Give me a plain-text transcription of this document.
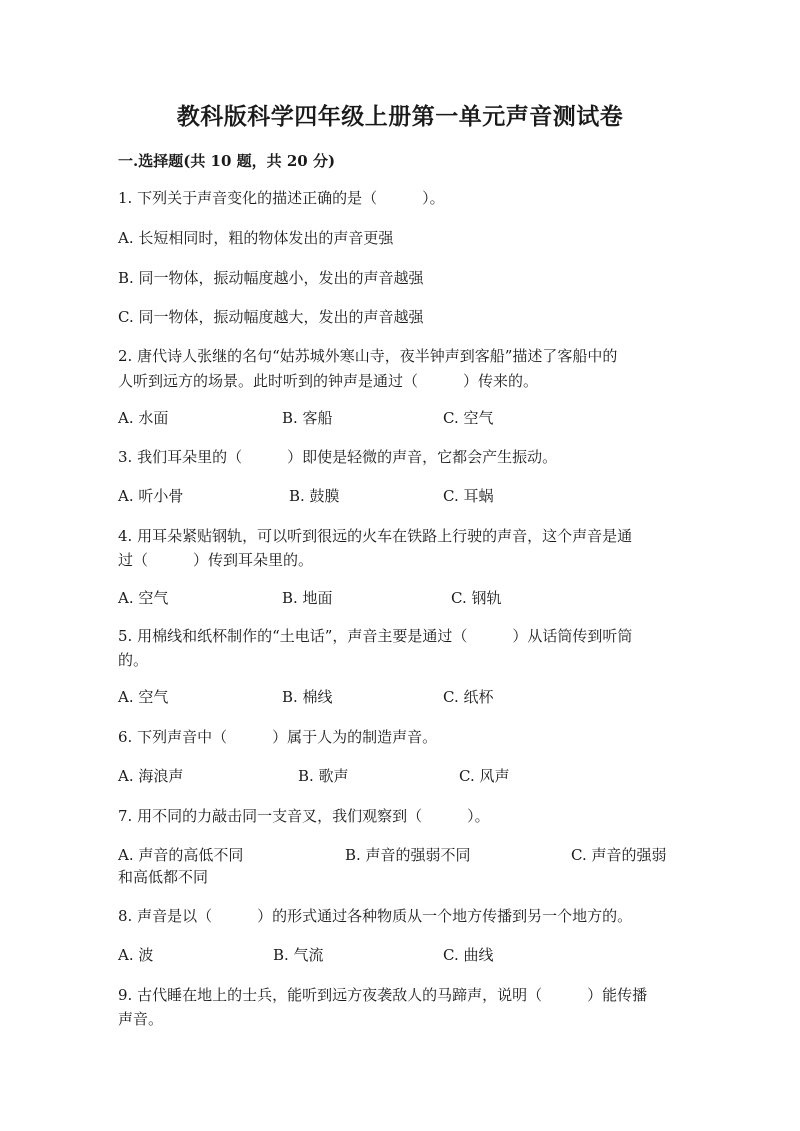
教科版科学四年级上册第一单元声音测试卷
一.选择题(共 10 题，共 20 分)
1. 下列关于声音变化的描述正确的是（　　　）。
A. 长短相同时，粗的物体发出的声音更强
B. 同一物体，振动幅度越小，发出的声音越强
C. 同一物体，振动幅度越大，发出的声音越强
2. 唐代诗人张继的名句“姑苏城外寒山寺，夜半钟声到客船”描述了客船中的
人听到远方的场景。此时听到的钟声是通过（　　　）传来的。
A. 水面	B. 客船	C. 空气
3. 我们耳朵里的（　　　）即使是轻微的声音，它都会产生振动。
A. 听小骨	B. 鼓膜	C. 耳蜗
4. 用耳朵紧贴钢轨，可以听到很远的火车在铁路上行驶的声音，这个声音是通
过（　　　）传到耳朵里的。
A. 空气	B. 地面	C. 钢轨
5. 用棉线和纸杯制作的“土电话”，声音主要是通过（　　　）从话筒传到听筒
的。
A. 空气	B. 棉线	C. 纸杯
6. 下列声音中（　　　）属于人为的制造声音。
A. 海浪声	B. 歌声	C. 风声
7. 用不同的力敲击同一支音叉，我们观察到（　　　）。
A. 声音的高低不同	B. 声音的强弱不同	C. 声音的强弱
和高低都不同
8. 声音是以（　　　）的形式通过各种物质从一个地方传播到另一个地方的。
A. 波	B. 气流	C. 曲线
9. 古代睡在地上的士兵，能听到远方夜袭敌人的马蹄声，说明（　　　）能传播
声音。
